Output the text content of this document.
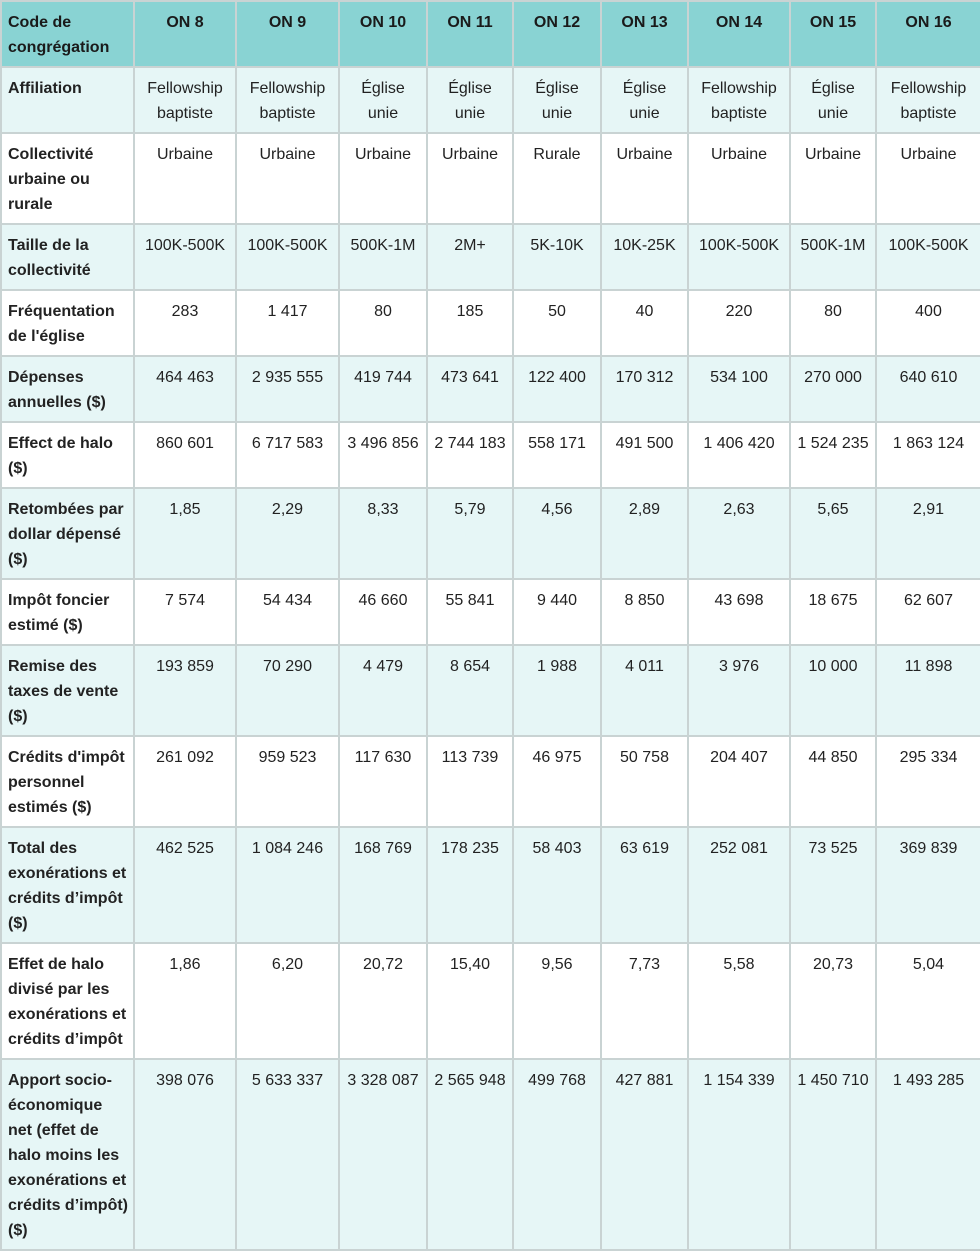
Code de congrégation	ON 8	ON 9	ON 10	ON 11	ON 12	ON 13	ON 14	ON 15	ON 16
Affiliation	Fellowship baptiste	Fellowship baptiste	Église unie	Église unie	Église unie	Église unie	Fellowship baptiste	Église unie	Fellowship baptiste
Collectivité urbaine ou rurale	Urbaine	Urbaine	Urbaine	Urbaine	Rurale	Urbaine	Urbaine	Urbaine	Urbaine
Taille de la collectivité	100K-500K	100K-500K	500K-1M	2M+	5K-10K	10K-25K	100K-500K	500K-1M	100K-500K
Fréquentation de l'église	283	1 417	80	185	50	40	220	80	400
Dépenses annuelles ($)	464 463	2 935 555	419 744	473 641	122 400	170 312	534 100	270 000	640 610
Effect de halo ($)	860 601	6 717 583	3 496 856	2 744 183	558 171	491 500	1 406 420	1 524 235	1 863 124
Retombées par dollar dépensé ($)	1,85	2,29	8,33	5,79	4,56	2,89	2,63	5,65	2,91
Impôt foncier estimé ($)	7 574	54 434	46 660	55 841	9 440	8 850	43 698	18 675	62 607
Remise des taxes de vente ($)	193 859	70 290	4 479	8 654	1 988	4 011	3 976	10 000	11 898
Crédits d'impôt personnel estimés ($)	261 092	959 523	117 630	113 739	46 975	50 758	204 407	44 850	295 334
Total des exonérations et crédits d’impôt ($)	462 525	1 084 246	168 769	178 235	58 403	63 619	252 081	73 525	369 839
Effet de halo divisé par les exonérations et crédits d’impôt	1,86	6,20	20,72	15,40	9,56	7,73	5,58	20,73	5,04
Apport socio-économique net (effet de halo moins les exonérations et crédits d’impôt) ($)	398 076	5 633 337	3 328 087	2 565 948	499 768	427 881	1 154 339	1 450 710	1 493 285
